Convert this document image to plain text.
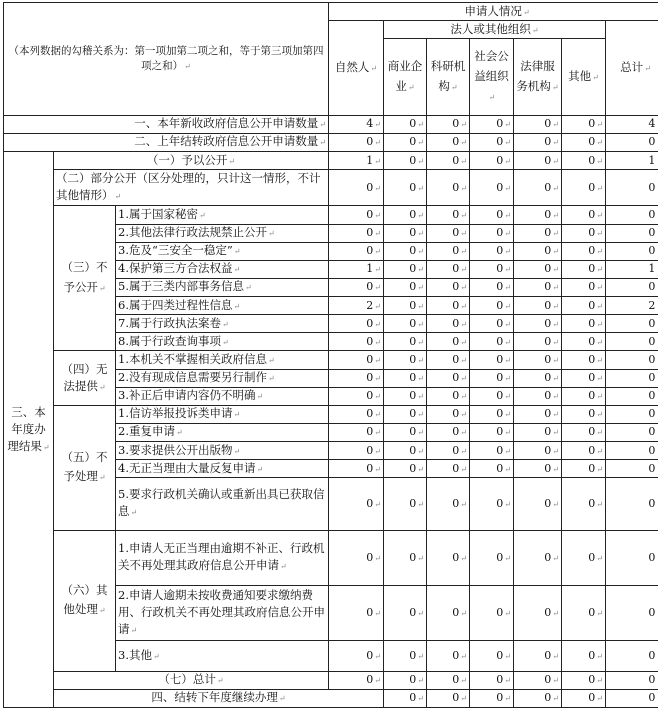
（本列数据的勾稽关系为：第一项加第二项之和，等于第三项加第四项之和） ↵			申请人情况 ↵
			自然人 ↵	法人或其他组织 ↵					总计 ↵
				商业企业 ↵	科研机构 ↵	社会公益组织 ↵	法律服务机构 ↵	其他 ↵
一、本年新收政府信息公开申请数量 ↵			4 ↵	0 ↵	0 ↵	0 ↵	0 ↵	0 ↵	4 ↵
二、上年结转政府信息公开申请数量 ↵			0 ↵	0 ↵	0 ↵	0 ↵	0 ↵	0 ↵	0 ↵
三、本年度办理结果 ↵	（一）予以公开 ↵		1 ↵	0 ↵	0 ↵	0 ↵	0 ↵	0 ↵	1 ↵
	（二）部分公开（区分处理的，只计这一情形，不计其他情形） ↵		0 ↵	0 ↵	0 ↵	0 ↵	0 ↵	0 ↵	0 ↵
	（三）不予公开 ↵	1.属于国家秘密 ↵	0 ↵	0 ↵	0 ↵	0 ↵	0 ↵	0 ↵	0 ↵
		2.其他法律行政法规禁止公开 ↵	0 ↵	0 ↵	0 ↵	0 ↵	0 ↵	0 ↵	0 ↵
		3.危及“三安全一稳定” ↵	0 ↵	0 ↵	0 ↵	0 ↵	0 ↵	0 ↵	0 ↵
		4.保护第三方合法权益 ↵	1 ↵	0 ↵	0 ↵	0 ↵	0 ↵	0 ↵	1 ↵
		5.属于三类内部事务信息 ↵	0 ↵	0 ↵	0 ↵	0 ↵	0 ↵	0 ↵	0 ↵
		6.属于四类过程性信息 ↵	2 ↵	0 ↵	0 ↵	0 ↵	0 ↵	0 ↵	2 ↵
		7.属于行政执法案卷 ↵	0 ↵	0 ↵	0 ↵	0 ↵	0 ↵	0 ↵	0 ↵
		8.属于行政查询事项 ↵	0 ↵	0 ↵	0 ↵	0 ↵	0 ↵	0 ↵	0 ↵
	（四）无法提供 ↵	1.本机关不掌握相关政府信息 ↵	0 ↵	0 ↵	0 ↵	0 ↵	0 ↵	0 ↵	0 ↵
		2.没有现成信息需要另行制作 ↵	0 ↵	0 ↵	0 ↵	0 ↵	0 ↵	0 ↵	0 ↵
		3.补正后申请内容仍不明确 ↵	0 ↵	0 ↵	0 ↵	0 ↵	0 ↵	0 ↵	0 ↵
	（五）不予处理 ↵	1.信访举报投诉类申请 ↵	0 ↵	0 ↵	0 ↵	0 ↵	0 ↵	0 ↵	0 ↵
		2.重复申请 ↵	0 ↵	0 ↵	0 ↵	0 ↵	0 ↵	0 ↵	0 ↵
		3.要求提供公开出版物 ↵	0 ↵	0 ↵	0 ↵	0 ↵	0 ↵	0 ↵	0 ↵
		4.无正当理由大量反复申请 ↵	0 ↵	0 ↵	0 ↵	0 ↵	0 ↵	0 ↵	0 ↵
		5.要求行政机关确认或重新出具已获取信息 ↵	0 ↵	0 ↵	0 ↵	0 ↵	0 ↵	0 ↵	0 ↵
	（六）其他处理 ↵	1.申请人无正当理由逾期不补正、行政机关不再处理其政府信息公开申请 ↵	0 ↵	0 ↵	0 ↵	0 ↵	0 ↵	0 ↵	0 ↵
		2.申请人逾期未按收费通知要求缴纳费用、行政机关不再处理其政府信息公开申请 ↵	0 ↵	0 ↵	0 ↵	0 ↵	0 ↵	0 ↵	0 ↵
		3.其他 ↵	0 ↵	0 ↵	0 ↵	0 ↵	0 ↵	0 ↵	0 ↵
	（七）总计 ↵		0 ↵	0 ↵	0 ↵	0 ↵	0 ↵	0 ↵	0 ↵
	四、结转下年度继续办理 ↵			0 ↵	0 ↵	0 ↵	0 ↵	0 ↵	0 ↵	
